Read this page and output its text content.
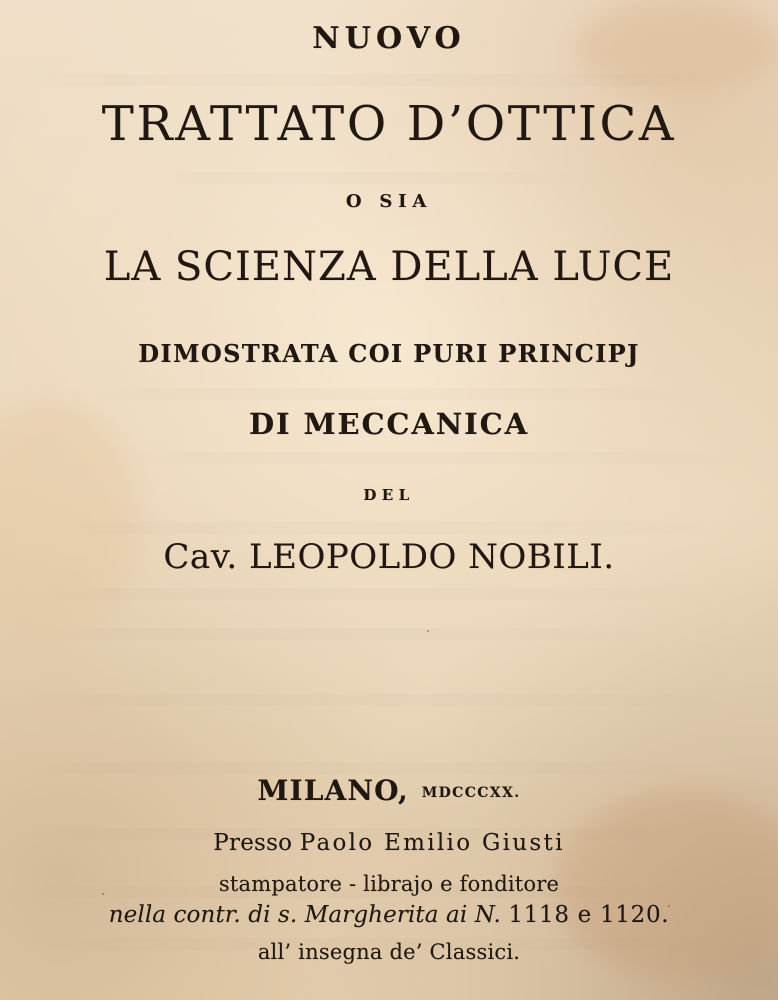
NUOVO
TRATTATO D’OTTICA
O SIA
LA SCIENZA DELLA LUCE
DIMOSTRATA COI PURI PRINCIPJ
DI MECCANICA
DEL
Cav. LEOPOLDO NOBILI.
MILANO, MDCCCXX.
Presso Paolo Emilio Giusti
stampatore - librajo e fonditore
nella contr. di s. Margherita ai N. 1118 e 1120.
all’ insegna de’ Classici.
